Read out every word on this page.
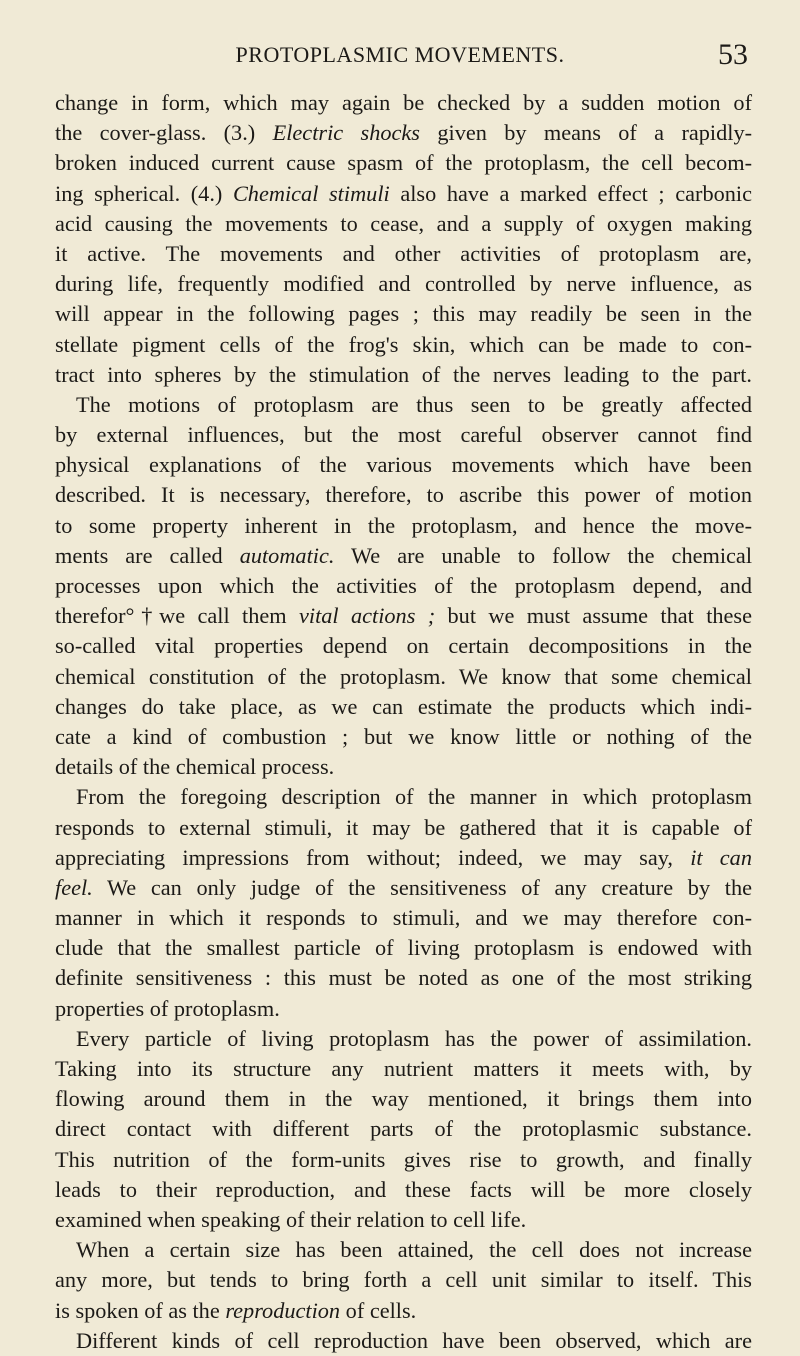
PROTOPLASMIC MOVEMENTS.	53
change in form, which may again be checked by a sudden motion of
the cover-glass. (3.) Electric shocks given by means of a rapidly-
broken induced current cause spasm of the protoplasm, the cell becom-
ing spherical. (4.) Chemical stimuli also have a marked effect ; carbonic
acid causing the movements to cease, and a supply of oxygen making
it active. The movements and other activities of protoplasm are,
during life, frequently modified and controlled by nerve influence, as
will appear in the following pages ; this may readily be seen in the
stellate pigment cells of the frog's skin, which can be made to con-
tract into spheres by the stimulation of the nerves leading to the part.
The motions of protoplasm are thus seen to be greatly affected
by external influences, but the most careful observer cannot find
physical explanations of the various movements which have been
described. It is necessary, therefore, to ascribe this power of motion
to some property inherent in the protoplasm, and hence the move-
ments are called automatic. We are unable to follow the chemical
processes upon which the activities of the protoplasm depend, and
therefor°†we call them vital actions ; but we must assume that these
so-called vital properties depend on certain decompositions in the
chemical constitution of the protoplasm. We know that some chemical
changes do take place, as we can estimate the products which indi-
cate a kind of combustion ; but we know little or nothing of the
details of the chemical process.
From the foregoing description of the manner in which protoplasm
responds to external stimuli, it may be gathered that it is capable of
appreciating impressions from without; indeed, we may say, it can
feel. We can only judge of the sensitiveness of any creature by the
manner in which it responds to stimuli, and we may therefore con-
clude that the smallest particle of living protoplasm is endowed with
definite sensitiveness : this must be noted as one of the most striking
properties of protoplasm.
Every particle of living protoplasm has the power of assimilation.
Taking into its structure any nutrient matters it meets with, by
flowing around them in the way mentioned, it brings them into
direct contact with different parts of the protoplasmic substance.
This nutrition of the form-units gives rise to growth, and finally
leads to their reproduction, and these facts will be more closely
examined when speaking of their relation to cell life.
When a certain size has been attained, the cell does not increase
any more, but tends to bring forth a cell unit similar to itself. This
is spoken of as the reproduction of cells.
Different kinds of cell reproduction have been observed, which are
